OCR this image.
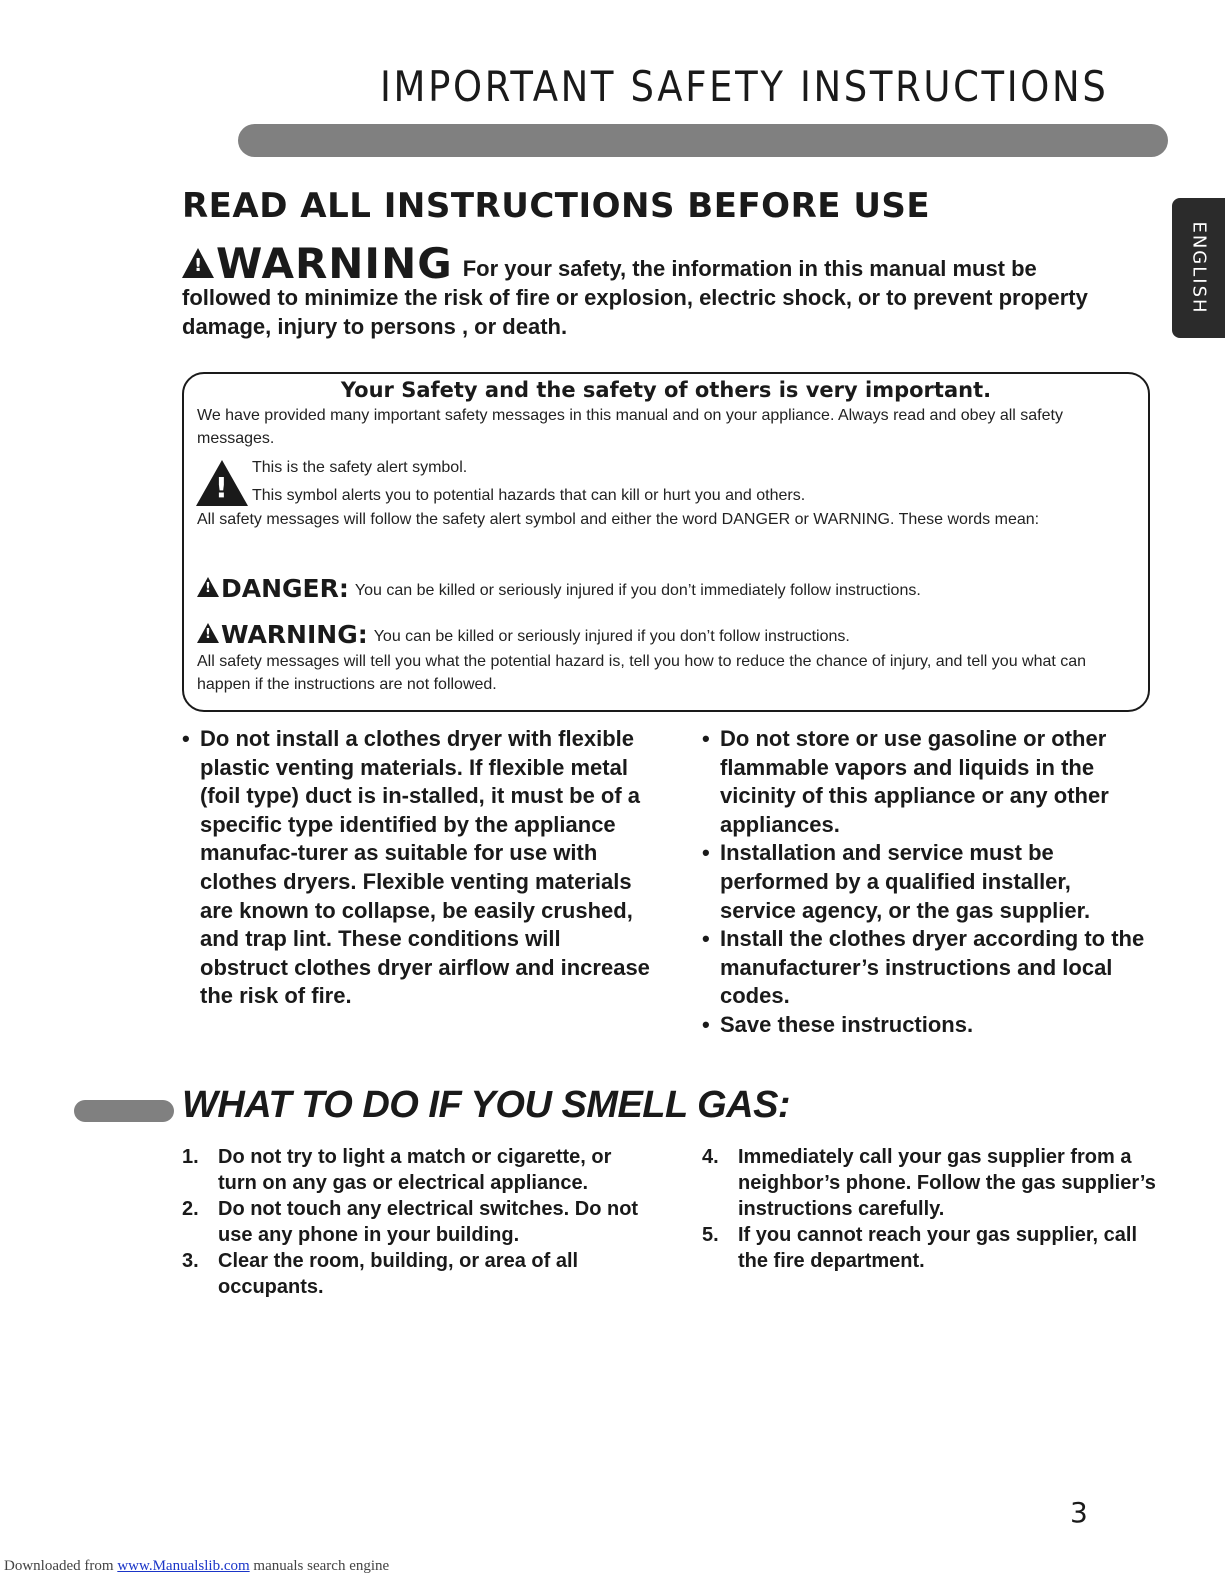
IMPORTANT SAFETY INSTRUCTIONS
ENGLISH
READ ALL INSTRUCTIONS BEFORE USE
!WARNING For your safety, the information in this manual must be followed to minimize the risk of fire or explosion, electric shock, or to prevent property damage, injury to persons , or death.
Your Safety and the safety of others is very important.
We have provided many important safety messages in this manual and on your appliance. Always read and obey all safety messages.
!
This is the safety alert symbol.
This symbol alerts you to potential hazards that can kill or hurt you and others.
All safety messages will follow the safety alert symbol and either the word DANGER or WARNING. These words mean:
!DANGER: You can be killed or seriously injured if you don’t immediately follow instructions.
!WARNING: You can be killed or seriously injured if you don’t follow instructions.
All safety messages will tell you what the potential hazard is, tell you how to reduce the chance of injury, and tell you what can happen if the instructions are not followed.
• Do not install a clothes dryer with flexible plastic venting materials. If flexible metal (foil type) duct is in-stalled, it must be of a specific type identified by the appliance manufac-turer as suitable for use with clothes dryers. Flexible venting materials are known to collapse, be easily crushed, and trap lint. These conditions will obstruct clothes dryer airflow and increase the risk of fire.
• Do not store or use gasoline or other flammable vapors and liquids in the vicinity of this appliance or any other appliances.
• Installation and service must be performed by a qualified installer, service agency, or the gas supplier.
• Install the clothes dryer according to the manufacturer’s instructions and local codes.
• Save these instructions.
WHAT TO DO IF YOU SMELL GAS:
1. Do not try to light a match or cigarette, or turn on any gas or electrical appliance.
2. Do not touch any electrical switches. Do not use any phone in your building.
3. Clear the room, building, or area of all occupants.
4. Immediately call your gas supplier from a neighbor’s phone. Follow the gas supplier’s instructions carefully.
5. If you cannot reach your gas supplier, call the fire department.
3
Downloaded from www.Manualslib.com manuals search engine
